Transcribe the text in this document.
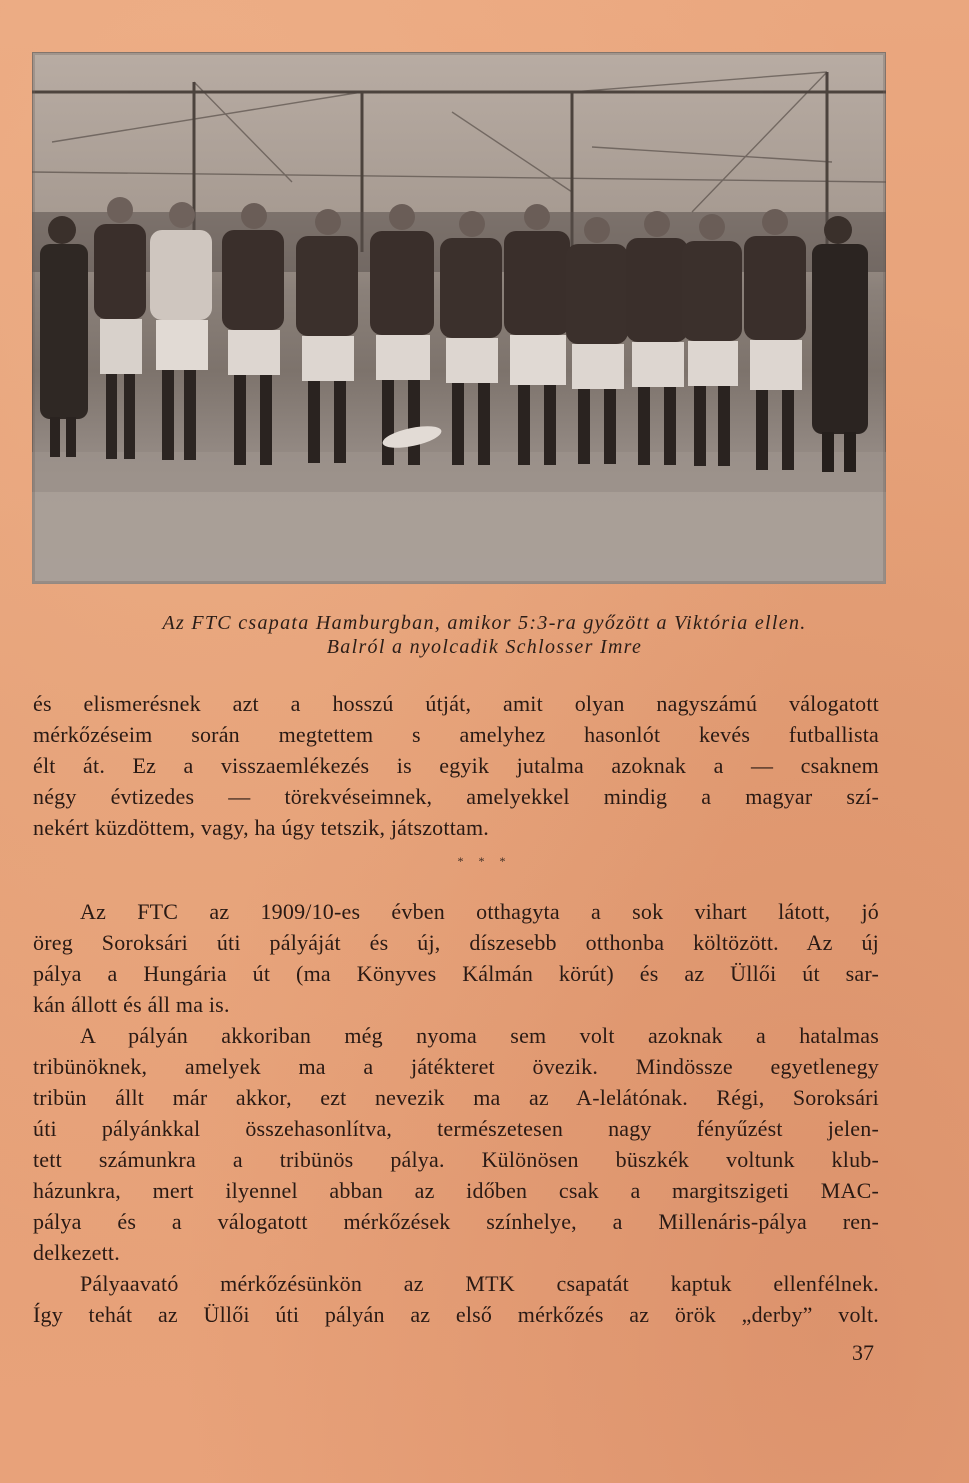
Az FTC csapata Hamburgban, amikor 5:3-ra győzött a Viktória ellen.
Balról a nyolcadik Schlosser Imre
és elismerésnek azt a hosszú útját, amit olyan nagyszámú válogatott
mérkőzéseim során megtettem s amelyhez hasonlót kevés futballista
élt át. Ez a visszaemlékezés is egyik jutalma azoknak a — csaknem
négy évtizedes — törekvéseimnek, amelyekkel mindig a magyar szí-
nekért küzdöttem, vagy, ha úgy tetszik, játszottam.
* * *
Az FTC az 1909/10-es évben otthagyta a sok vihart látott, jó
öreg Soroksári úti pályáját és új, díszesebb otthonba költözött. Az új
pálya a Hungária út (ma Könyves Kálmán körút) és az Üllői út sar-
kán állott és áll ma is.
A pályán akkoriban még nyoma sem volt azoknak a hatalmas
tribünöknek, amelyek ma a játékteret övezik. Mindössze egyetlenegy
tribün állt már akkor, ezt nevezik ma az A-lelátónak. Régi, Soroksári
úti pályánkkal összehasonlítva, természetesen nagy fényűzést jelen-
tett számunkra a tribünös pálya. Különösen büszkék voltunk klub-
házunkra, mert ilyennel abban az időben csak a margitszigeti MAC-
pálya és a válogatott mérkőzések színhelye, a Millenáris-pálya ren-
delkezett.
Pályaavató mérkőzésünkön az MTK csapatát kaptuk ellenfélnek.
Így tehát az Üllői úti pályán az első mérkőzés az örök „derby” volt.
37
